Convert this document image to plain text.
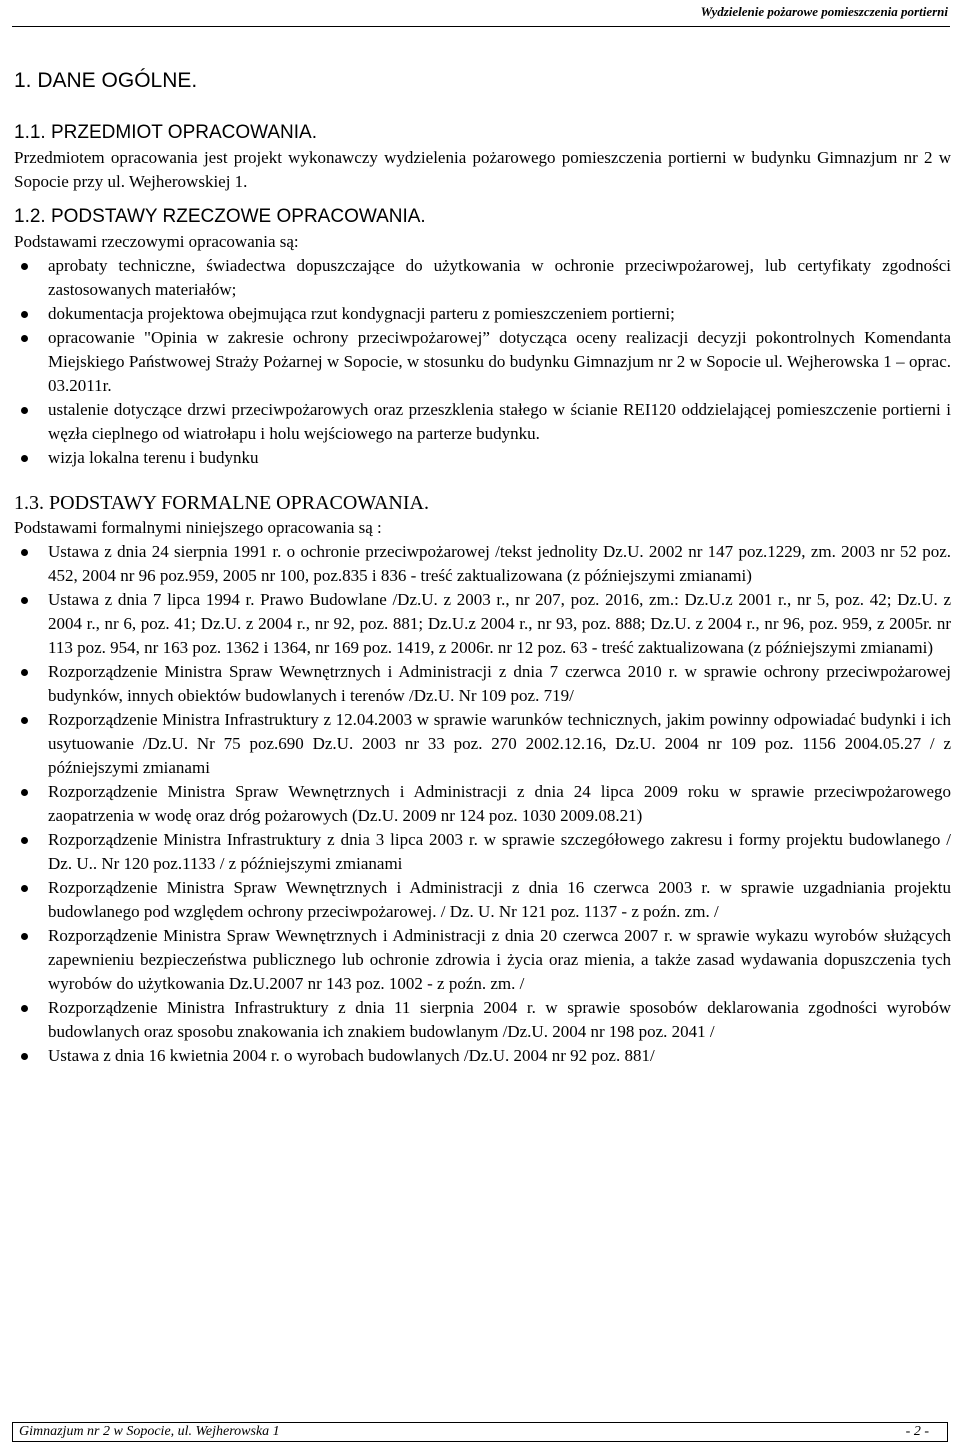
Wydzielenie pożarowe pomieszczenia portierni
1. DANE OGÓLNE.
1.1. PRZEDMIOT OPRACOWANIA.

Przedmiotem opracowania jest projekt wykonawczy wydzielenia pożarowego pomieszczenia portierni w budynku Gimnazjum nr 2 w Sopocie przy ul. Wejherowskiej 1.

1.2. PODSTAWY RZECZOWE OPRACOWANIA.

Podstawami rzeczowymi opracowania są:

aprobaty techniczne, świadectwa dopuszczające do użytkowania w ochronie przeciwpożarowej, lub certyfikaty zgodności zastosowanych materiałów;
dokumentacja projektowa obejmująca rzut kondygnacji parteru z pomieszczeniem portierni;
opracowanie "Opinia w zakresie ochrony przeciwpożarowej” dotycząca oceny realizacji decyzji pokontrolnych Komendanta Miejskiego Państwowej Straży Pożarnej w Sopocie, w stosunku do budynku Gimnazjum nr 2 w Sopocie ul. Wejherowska 1 – oprac. 03.2011r.
ustalenie dotyczące drzwi przeciwpożarowych oraz przeszklenia stałego w ścianie REI120 oddzielającej pomieszczenie portierni i węzła cieplnego od wiatrołapu i holu wejściowego na parterze budynku.
wizja lokalna terenu i budynku
1.3. PODSTAWY FORMALNE OPRACOWANIA.

Podstawami formalnymi niniejszego opracowania są :

Ustawa z dnia 24 sierpnia 1991 r. o ochronie przeciwpożarowej /tekst jednolity Dz.U. 2002 nr 147 poz.1229, zm. 2003 nr 52 poz. 452, 2004 nr 96 poz.959, 2005 nr 100, poz.835 i 836 - treść zaktualizowana (z późniejszymi zmianami)
Ustawa z dnia 7 lipca 1994 r. Prawo Budowlane /Dz.U. z 2003 r., nr 207, poz. 2016, zm.: Dz.U.z 2001 r., nr 5, poz. 42; Dz.U. z 2004 r., nr 6, poz. 41; Dz.U. z 2004 r., nr 92, poz. 881; Dz.U.z 2004 r., nr 93, poz. 888; Dz.U. z 2004 r., nr 96, poz. 959, z 2005r. nr 113 poz. 954, nr 163 poz. 1362 i 1364, nr 169 poz. 1419, z 2006r. nr 12 poz. 63 - treść zaktualizowana (z późniejszymi zmianami)
Rozporządzenie Ministra Spraw Wewnętrznych i Administracji z dnia 7 czerwca 2010 r. w sprawie ochrony przeciwpożarowej budynków, innych obiektów budowlanych i terenów /Dz.U. Nr 109 poz. 719/
Rozporządzenie Ministra Infrastruktury z 12.04.2003 w sprawie warunków technicznych, jakim powinny odpowiadać budynki i ich usytuowanie /Dz.U. Nr 75 poz.690 Dz.U. 2003 nr 33 poz. 270 2002.12.16, Dz.U. 2004 nr 109 poz. 1156 2004.05.27 / z późniejszymi zmianami
Rozporządzenie Ministra Spraw Wewnętrznych i Administracji z dnia 24 lipca 2009 roku w sprawie przeciwpożarowego zaopatrzenia w wodę oraz dróg pożarowych (Dz.U. 2009 nr 124 poz. 1030 2009.08.21)
Rozporządzenie Ministra Infrastruktury z dnia 3 lipca 2003 r. w sprawie szczegółowego zakresu i formy projektu budowlanego / Dz. U.. Nr 120 poz.1133 / z późniejszymi zmianami
Rozporządzenie Ministra Spraw Wewnętrznych i Administracji z dnia 16 czerwca 2003 r. w sprawie uzgadniania projektu budowlanego pod względem ochrony przeciwpożarowej. / Dz. U. Nr 121 poz. 1137 - z poźn. zm. /
Rozporządzenie Ministra Spraw Wewnętrznych i Administracji z dnia 20 czerwca 2007 r. w sprawie wykazu wyrobów służących zapewnieniu bezpieczeństwa publicznego lub ochronie zdrowia i życia oraz mienia, a także zasad wydawania dopuszczenia tych wyrobów do użytkowania Dz.U.2007 nr 143 poz. 1002 - z poźn. zm. /
Rozporządzenie Ministra Infrastruktury z dnia 11 sierpnia 2004 r. w sprawie sposobów deklarowania zgodności wyrobów budowlanych oraz sposobu znakowania ich znakiem budowlanym /Dz.U. 2004 nr 198 poz. 2041 /
Ustawa z dnia 16 kwietnia 2004 r. o wyrobach budowlanych /Dz.U. 2004 nr 92 poz. 881/
Gimnazjum nr 2 w Sopocie, ul. Wejherowska 1	- 2 -
